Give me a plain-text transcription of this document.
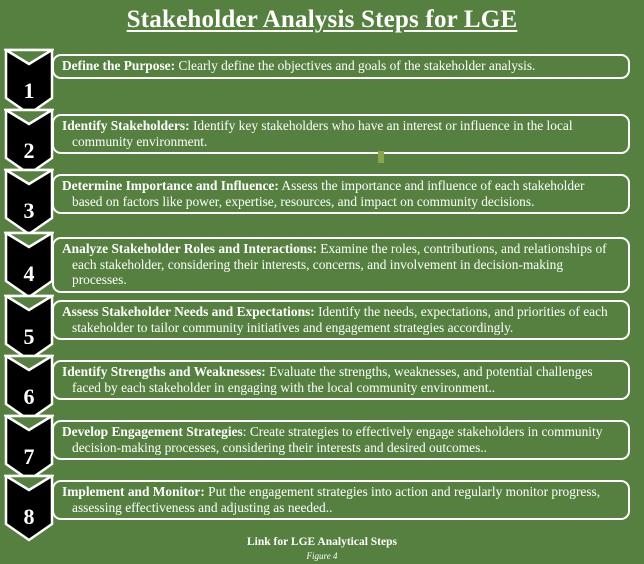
Stakeholder Analysis Steps for LGE
1
Define the Purpose: Clearly define the objectives and goals of the stakeholder analysis.
2
Identify Stakeholders: Identify key stakeholders who have an interest or influence in the local community environment.
3
Determine Importance and Influence: Assess the importance and influence of each stakeholder based on factors like power, expertise, resources, and impact on community decisions.
4
Analyze Stakeholder Roles and Interactions: Examine the roles, contributions, and relationships of each stakeholder, considering their interests, concerns, and involvement in decision-making processes.
5
Assess Stakeholder Needs and Expectations: Identify the needs, expectations, and priorities of each stakeholder to tailor community initiatives and engagement strategies accordingly.
6
Identify Strengths and Weaknesses: Evaluate the strengths, weaknesses, and potential challenges faced by each stakeholder in engaging with the local community environment..
7
Develop Engagement Strategies: Create strategies to effectively engage stakeholders in community decision-making processes, considering their interests and desired outcomes..
8
Implement and Monitor: Put the engagement strategies into action and regularly monitor progress, assessing effectiveness and adjusting as needed..
Link for LGE Analytical Steps
Figure 4
